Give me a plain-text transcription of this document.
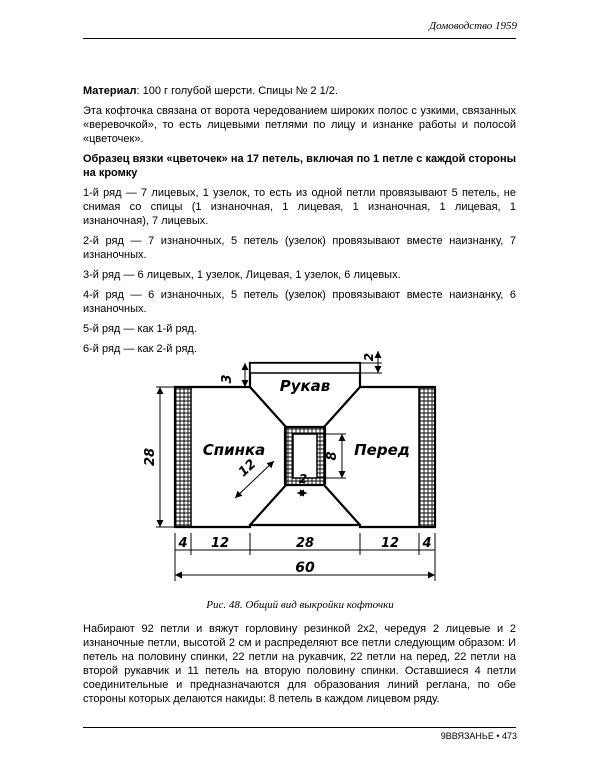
Домоводство 1959

Материал: 100 г голубой шерсти. Спицы № 2 1/2.

Эта кофточка связана от ворота чередованием широких полос с узкими, связанных «веревочкой», то есть лицевыми петлями по лицу и изнанке работы и полосой «цветочек».

Образец вязки «цветочек» на 17 петель, включая по 1 петле с каждой стороны на кромку

1-й ряд — 7 лицевых, 1 узелок, то есть из одной петли провязывают 5 петель, не снимая со спицы (1 изнаночная, 1 лицевая, 1 изнаночная, 1 лицевая, 1 изнаночная), 7 лицевых.

2-й ряд — 7 изнаночных, 5 петель (узелок) провязывают вместе наизнанку, 7 изнаночных.

3-й ряд — 6 лицевых, 1 узелок, Лицевая, 1 узелок, 6 лицевых.

4-й ряд — 6 изнаночных, 5 петель (узелок) провязывают вместе наизнанку, 6 изнаночных.

5-й ряд — как 1-й ряд.

6-й ряд — как 2-й ряд.

Рукав
Спинка	Перед
28
3
2
8
12	2
4 12	28	12 4
60
Рис. 48. Общий вид выкройки кофточки

Набирают 92 петли и вяжут горловину резинкой 2х2, чередуя 2 лицевые и 2 изнаночные петли, высотой 2 см и распределяют все петли следующим образом: И петель на половину спинки, 22 петли на рукавчик, 22 петли на перед, 22 петли на второй рукавчик и 11 петель на вторую половину спинки. Оставшиеся 4 петли соединительные и предназначаются для образования линий реглана, по обе стороны которых делаются накиды: 8 петель в каждом лицевом ряду.

9ВВЯЗАНЬЕ • 473
